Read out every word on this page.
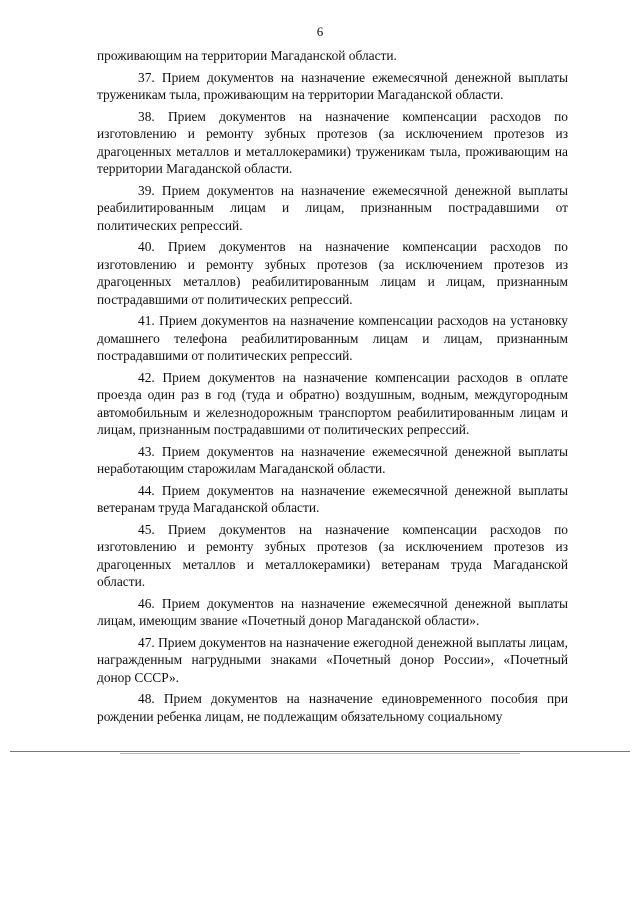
6

проживающим на территории Магаданской области.

37. Прием документов на назначение ежемесячной денежной выплаты труженикам тыла, проживающим на территории Магаданской области.

38. Прием документов на назначение компенсации расходов по изготовлению и ремонту зубных протезов (за исключением протезов из драгоценных металлов и металлокерамики) труженикам тыла, проживающим на территории Магаданской области.

39. Прием документов на назначение ежемесячной денежной выплаты реабилитированным лицам и лицам, признанным пострадавшими от политических репрессий.

40. Прием документов на назначение компенсации расходов по изготовлению и ремонту зубных протезов (за исключением протезов из драгоценных металлов) реабилитированным лицам и лицам, признанным пострадавшими от политических репрессий.

41. Прием документов на назначение компенсации расходов на установку домашнего телефона реабилитированным лицам и лицам, признанным пострадавшими от политических репрессий.

42. Прием документов на назначение компенсации расходов в оплате проезда один раз в год (туда и обратно) воздушным, водным, междугородным автомобильным и железнодорожным транспортом реабилитированным лицам и лицам, признанным пострадавшими от политических репрессий.

43. Прием документов на назначение ежемесячной денежной выплаты неработающим старожилам Магаданской области.

44. Прием документов на назначение ежемесячной денежной выплаты ветеранам труда Магаданской области.

45. Прием документов на назначение компенсации расходов по изготовлению и ремонту зубных протезов (за исключением протезов из драгоценных металлов и металлокерамики) ветеранам труда Магаданской области.

46. Прием документов на назначение ежемесячной денежной выплаты лицам, имеющим звание «Почетный донор Магаданской области».

47. Прием документов на назначение ежегодной денежной выплаты лицам, награжденным нагрудными знаками «Почетный донор России», «Почетный донор СССР».

48. Прием документов на назначение единовременного пособия при рождении ребенка лицам, не подлежащим обязательному социальному
